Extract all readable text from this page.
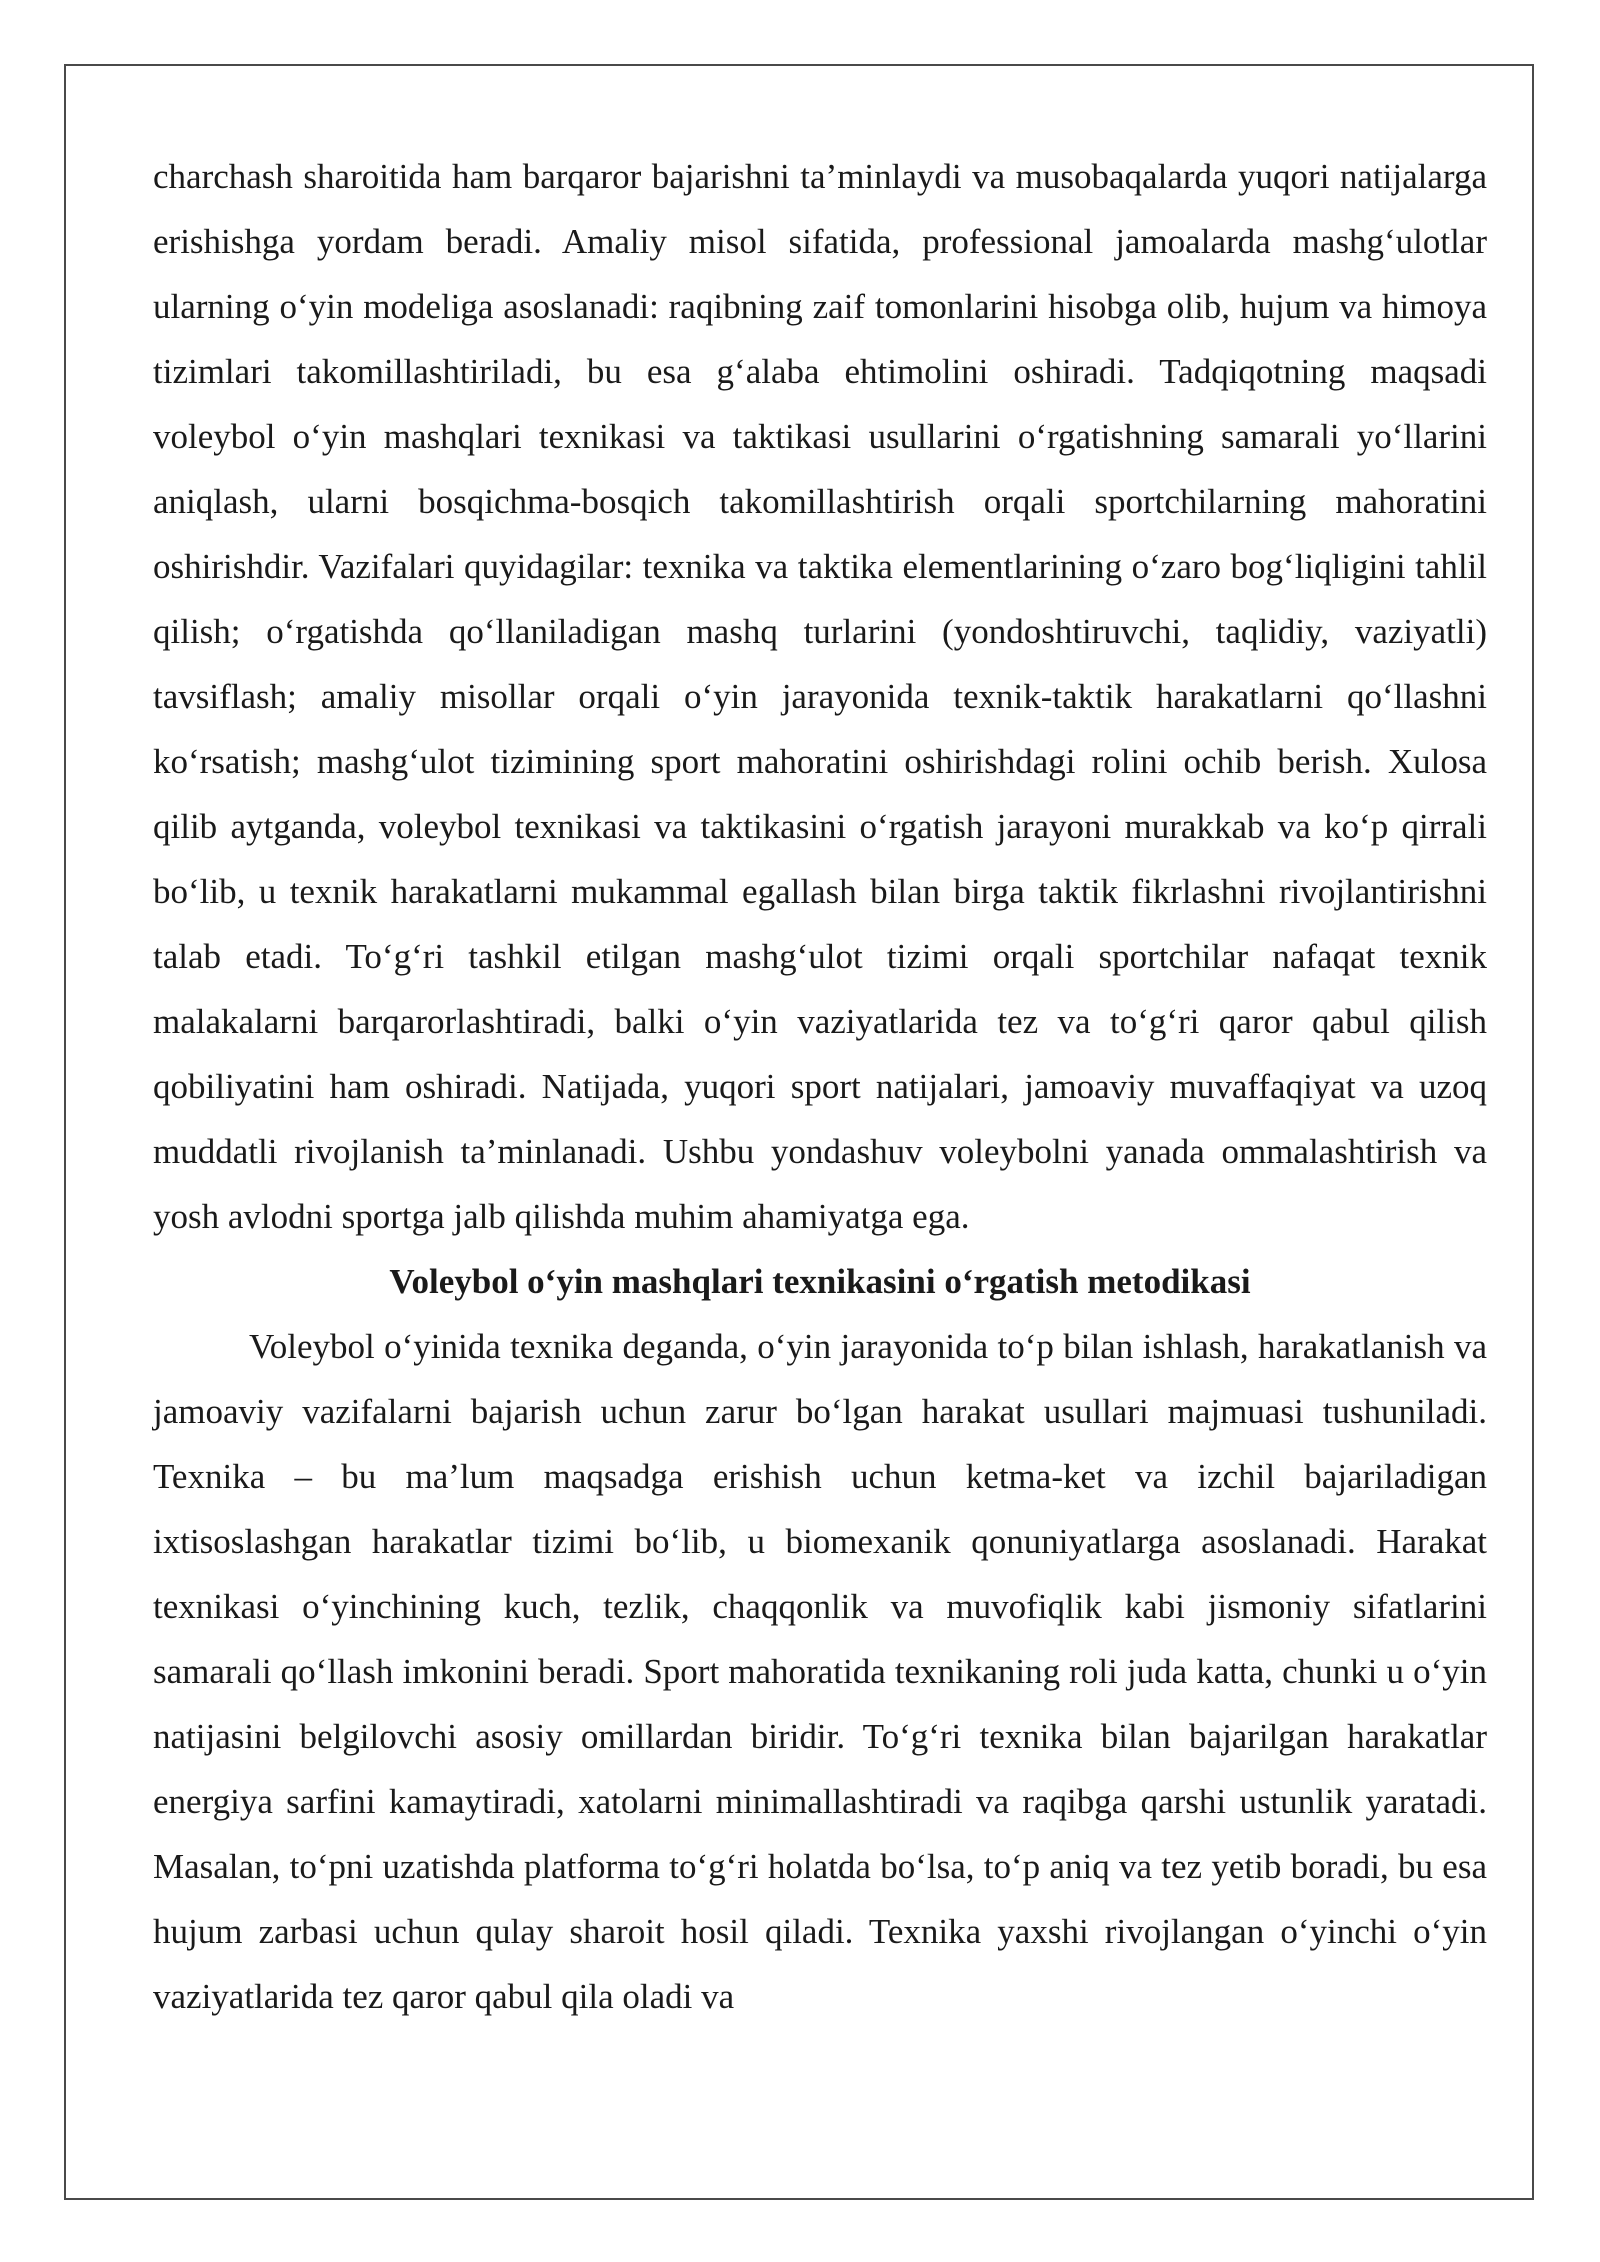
charchash sharoitida ham barqaror bajarishni ta’minlaydi va musobaqalarda yuqori natijalarga erishishga yordam beradi. Amaliy misol sifatida, professional jamoalarda mashg‘ulotlar ularning o‘yin modeliga asoslanadi: raqibning zaif tomonlarini hisobga olib, hujum va himoya tizimlari takomillashtiriladi, bu esa g‘alaba ehtimolini oshiradi. Tadqiqotning maqsadi voleybol o‘yin mashqlari texnikasi va taktikasi usullarini o‘rgatishning samarali yo‘llarini aniqlash, ularni bosqichma-bosqich takomillashtirish orqali sportchilarning mahoratini oshirishdir. Vazifalari quyidagilar: texnika va taktika elementlarining o‘zaro bog‘liqligini tahlil qilish; o‘rgatishda qo‘llaniladigan mashq turlarini (yondoshtiruvchi, taqlidiy, vaziyatli) tavsiflash; amaliy misollar orqali o‘yin jarayonida texnik-taktik harakatlarni qo‘llashni ko‘rsatish; mashg‘ulot tizimining sport mahoratini oshirishdagi rolini ochib berish. Xulosa qilib aytganda, voleybol texnikasi va taktikasini o‘rgatish jarayoni murakkab va ko‘p qirrali bo‘lib, u texnik harakatlarni mukammal egallash bilan birga taktik fikrlashni rivojlantirishni talab etadi. To‘g‘ri tashkil etilgan mashg‘ulot tizimi orqali sportchilar nafaqat texnik malakalarni barqarorlashtiradi, balki o‘yin vaziyatlarida tez va to‘g‘ri qaror qabul qilish qobiliyatini ham oshiradi. Natijada, yuqori sport natijalari, jamoaviy muvaffaqiyat va uzoq muddatli rivojlanish ta’minlanadi. Ushbu yondashuv voleybolni yanada ommalashtirish va yosh avlodni sportga jalb qilishda muhim ahamiyatga ega.

Voleybol o‘yin mashqlari texnikasini o‘rgatish metodikasi

Voleybol o‘yinida texnika deganda, o‘yin jarayonida to‘p bilan ishlash, harakatlanish va jamoaviy vazifalarni bajarish uchun zarur bo‘lgan harakat usullari majmuasi tushuniladi. Texnika – bu ma’lum maqsadga erishish uchun ketma-ket va izchil bajariladigan ixtisoslashgan harakatlar tizimi bo‘lib, u biomexanik qonuniyatlarga asoslanadi. Harakat texnikasi o‘yinchining kuch, tezlik, chaqqonlik va muvofiqlik kabi jismoniy sifatlarini samarali qo‘llash imkonini beradi. Sport mahoratida texnikaning roli juda katta, chunki u o‘yin natijasini belgilovchi asosiy omillardan biridir. To‘g‘ri texnika bilan bajarilgan harakatlar energiya sarfini kamaytiradi, xatolarni minimallashtiradi va raqibga qarshi ustunlik yaratadi. Masalan, to‘pni uzatishda platforma to‘g‘ri holatda bo‘lsa, to‘p aniq va tez yetib boradi, bu esa hujum zarbasi uchun qulay sharoit hosil qiladi. Texnika yaxshi rivojlangan o‘yinchi o‘yin vaziyatlarida tez qaror qabul qila oladi va
